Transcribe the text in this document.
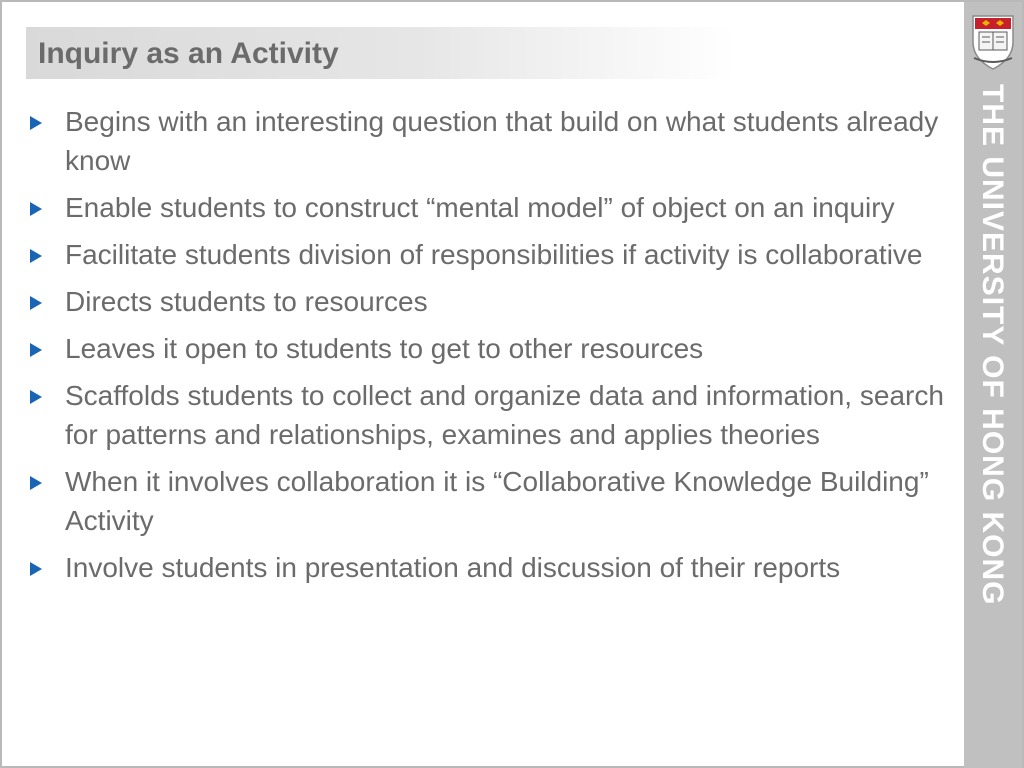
Inquiry as an Activity
Begins with an interesting question that build on what students already know
Enable students to construct “mental model” of object on an inquiry
Facilitate students division of responsibilities if activity is collaborative
Directs students to resources
Leaves it open to students to get to other resources
Scaffolds students to collect and organize data and information, search for patterns and relationships, examines and applies theories
When it involves collaboration it is “Collaborative Knowledge Building” Activity
Involve students in presentation and discussion of their reports	THE UNIVERSITY OF HONG KONG
